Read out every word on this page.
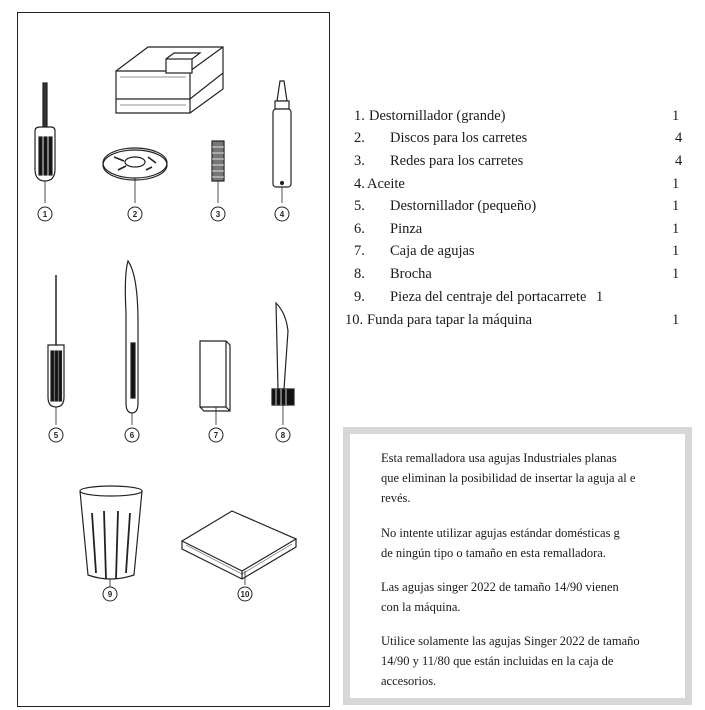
1	2	3	4
5	6	7	8
9	10
1. Destornillador (grande)	1
2. Discos para los carretes	4
3. Redes para los carretes	4
4. Aceite	1
5. Destornillador (pequeño)	1
6. Pinza	1
7. Caja de agujas	1
8. Brocha	1
9. Pieza del centraje del portacarrete 1
10. Funda para tapar la máquina	1

Esta remalladora usa agujas Industriales planas

que eliminan la posibilidad de insertar la aguja al e

revés.

No intente utilizar agujas estándar domésticas g

de ningún tipo o tamaño en esta remalladora.

Las agujas singer 2022 de tamaño 14/90 vienen

con la máquina.

Utilice solamente las agujas Singer 2022 de tamaño

14/90 y 11/80 que están incluidas en la caja de

accesorios.
